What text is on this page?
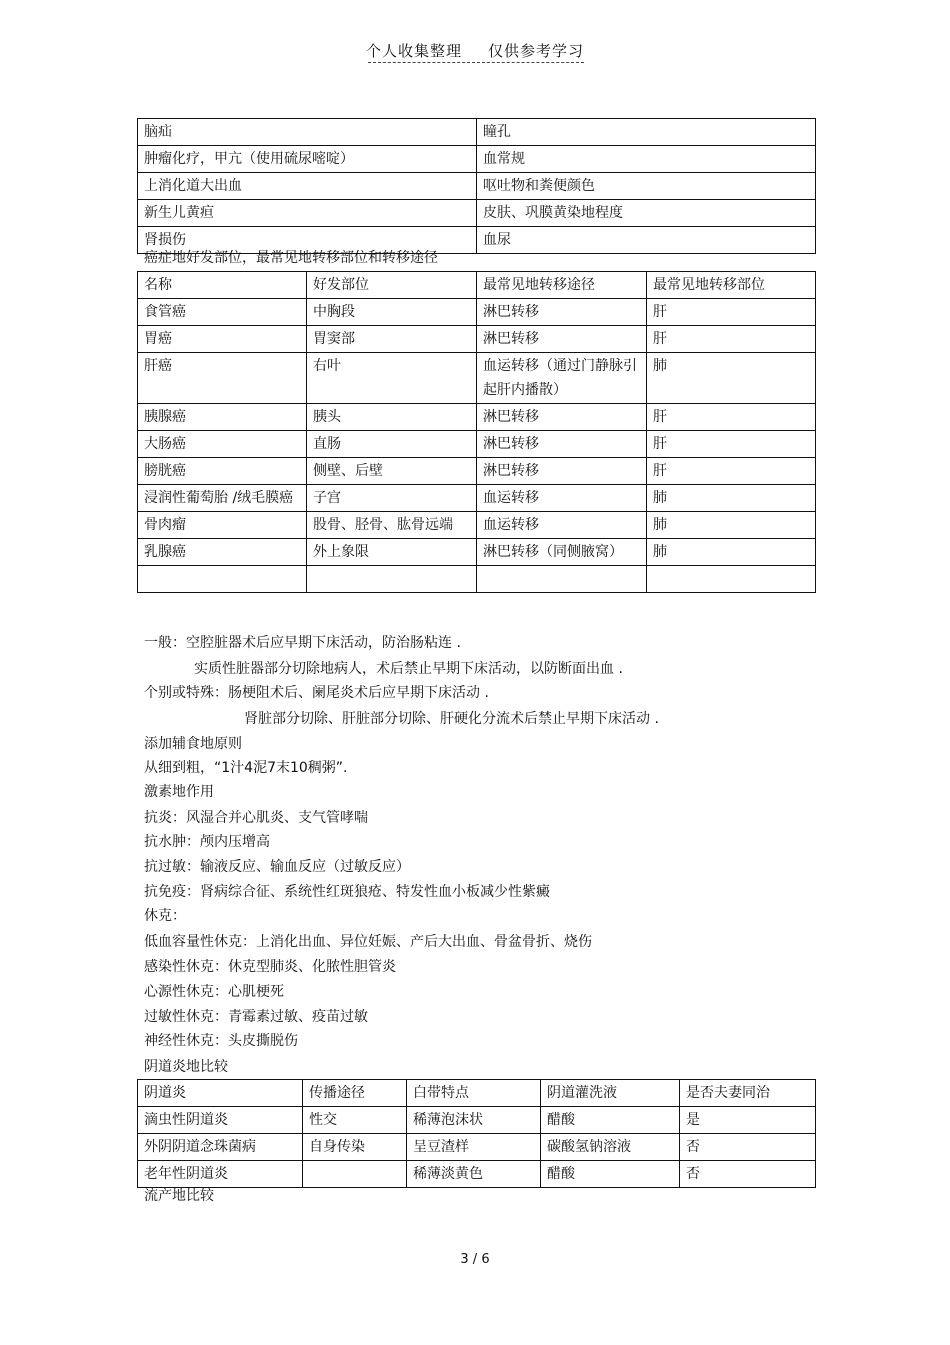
个人收集整理 仅供参考学习
脑疝	瞳孔
肿瘤化疗，甲亢（使用硫尿嘧啶）	血常规
上消化道大出血	呕吐物和粪便颜色
新生儿黄疸	皮肤、巩膜黄染地程度
肾损伤	血尿
癌症地好发部位，最常见地转移部位和转移途径
名称	好发部位	最常见地转移途径	最常见地转移部位
食管癌	中胸段	淋巴转移	肝
胃癌	胃窦部	淋巴转移	肝
肝癌	右叶	血运转移（通过门静脉引起肝内播散）	肺
胰腺癌	胰头	淋巴转移	肝
大肠癌	直肠	淋巴转移	肝
膀胱癌	侧壁、后壁	淋巴转移	肝
浸润性葡萄胎 /绒毛膜癌	子宫	血运转移	肺
骨肉瘤	股骨、胫骨、肱骨远端	血运转移	肺
乳腺癌	外上象限	淋巴转移（同侧腋窝）	肺

一般：空腔脏器术后应早期下床活动，防治肠粘连 .
实质性脏器部分切除地病人，术后禁止早期下床活动，以防断面出血 .
个别或特殊：肠梗阻术后、阑尾炎术后应早期下床活动 .
肾脏部分切除、肝脏部分切除、肝硬化分流术后禁止早期下床活动 .
添加辅食地原则
从细到粗，“1汁4泥7末10稠粥”.
激素地作用
抗炎：风湿合并心肌炎、支气管哮喘
抗水肿：颅内压增高
抗过敏：输液反应、输血反应（过敏反应）
抗免疫：肾病综合征、系统性红斑狼疮、特发性血小板减少性紫癜
休克：
低血容量性休克：上消化出血、异位妊娠、产后大出血、骨盆骨折、烧伤
感染性休克：休克型肺炎、化脓性胆管炎
心源性休克：心肌梗死
过敏性休克：青霉素过敏、疫苗过敏
神经性休克：头皮撕脱伤
阴道炎地比较
阴道炎	传播途径	白带特点	阴道灌洗液	是否夫妻同治
滴虫性阴道炎	性交	稀薄泡沫状	醋酸	是
外阴阴道念珠菌病	自身传染	呈豆渣样	碳酸氢钠溶液	否
老年性阴道炎		稀薄淡黄色	醋酸	否
流产地比较
3 / 6
